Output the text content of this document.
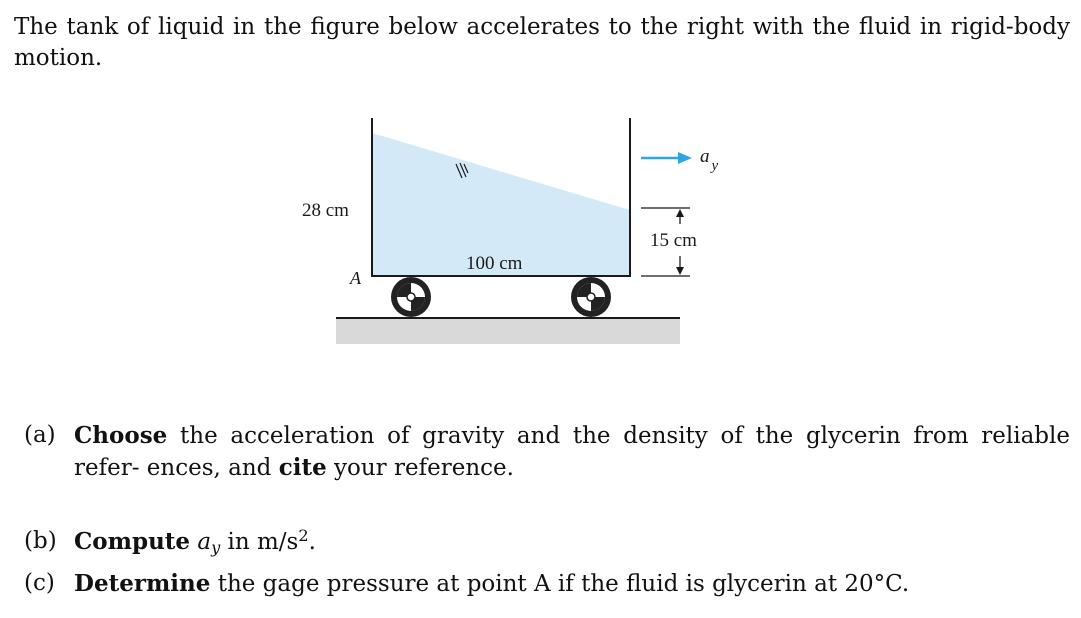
The tank of liquid in the figure below accelerates to the right with the fluid in rigid-body motion.

28 cm
100 cm
15 cm
A
a $_y$

(a) Choose the acceleration of gravity and the density of the glycerin from reliable refer- ences, and cite your reference.

(b) Compute $a_y$ in $m/s^2$.

(c) Determine the gage pressure at point A if the fluid is glycerin at 20°C.
